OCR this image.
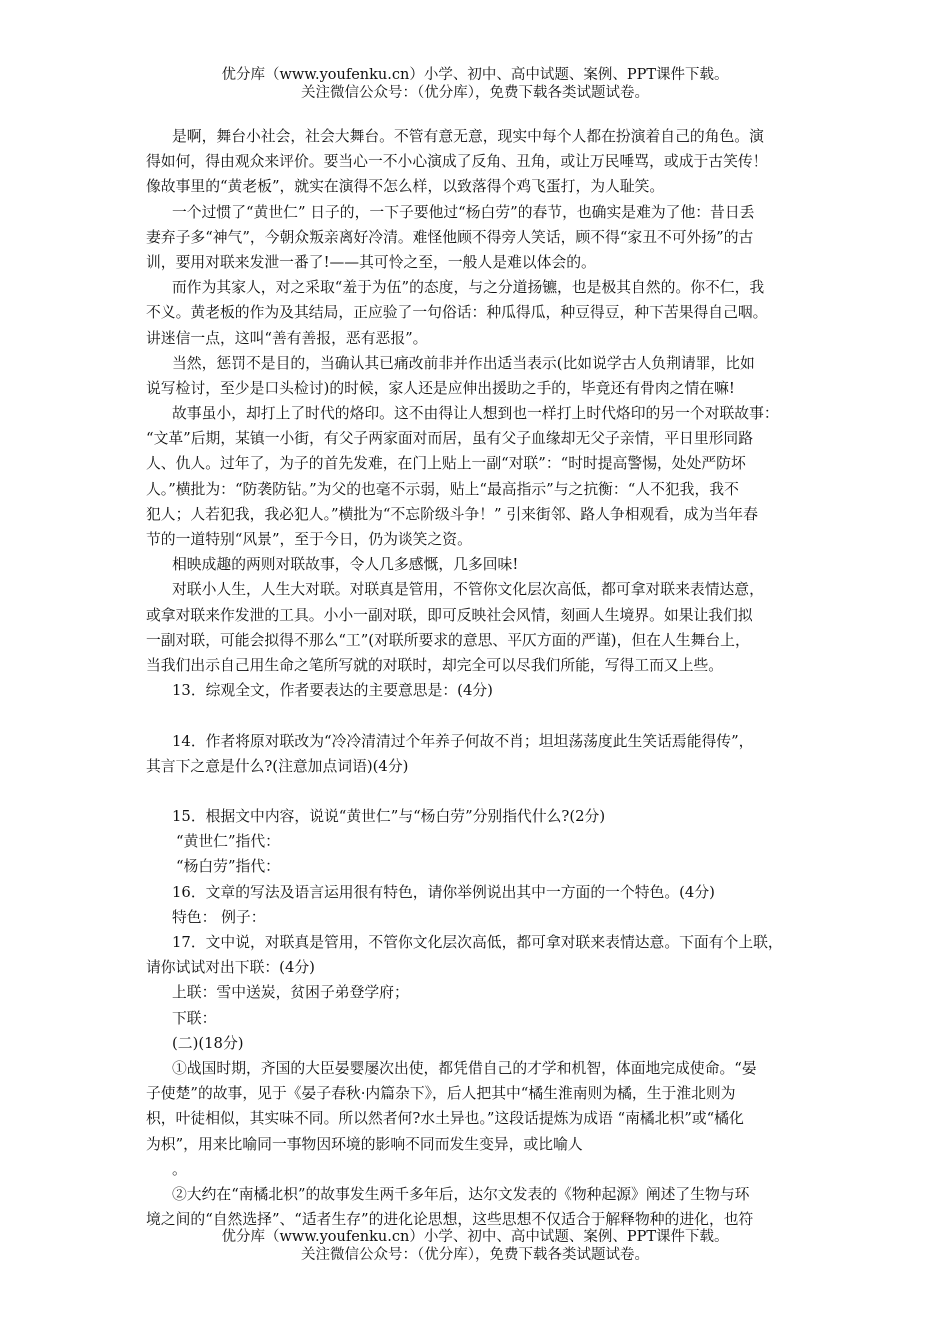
优分库（www.youfenku.cn）小学、初中、高中试题、案例、PPT课件下载。
关注微信公众号：（优分库），免费下载各类试题试卷。
是啊，舞台小社会，社会大舞台。不管有意无意，现实中每个人都在扮演着自己的角色。演
得如何，得由观众来评价。要当心一不小心演成了反角、丑角，或让万民唾骂，或成于古笑传！
像故事里的“黄老板”，就实在演得不怎么样，以致落得个鸡飞蛋打，为人耻笑。
一个过惯了“黄世仁” 日子的，一下子要他过“杨白劳”的春节，也确实是难为了他：昔日丢
妻弃子多“神气”，今朝众叛亲离好冷清。难怪他顾不得旁人笑话，顾不得“家丑不可外扬”的古
训，要用对联来发泄一番了!——其可怜之至，一般人是难以体会的。
而作为其家人，对之采取“羞于为伍”的态度，与之分道扬镳，也是极其自然的。你不仁，我
不义。黄老板的作为及其结局，正应验了一句俗话：种瓜得瓜，种豆得豆，种下苦果得自己咽。
讲迷信一点，这叫“善有善报，恶有恶报”。
当然，惩罚不是目的，当确认其已痛改前非并作出适当表示(比如说学古人负荆请罪，比如
说写检讨，至少是口头检讨)的时候，家人还是应伸出援助之手的，毕竟还有骨肉之情在嘛!
故事虽小，却打上了时代的烙印。这不由得让人想到也一样打上时代烙印的另一个对联故事：
“文革”后期，某镇一小街，有父子两家面对而居，虽有父子血缘却无父子亲情，平日里形同路
人、仇人。过年了，为子的首先发难，在门上贴上一副“对联”：“时时提高警惕，处处严防坏
人。”横批为：“防袭防钻。”为父的也毫不示弱，贴上“最高指示”与之抗衡：“人不犯我，我不
犯人；人若犯我，我必犯人。”横批为“不忘阶级斗争！” 引来街邻、路人争相观看，成为当年春
节的一道特别“风景”，至于今日，仍为谈笑之资。
相映成趣的两则对联故事，令人几多感慨，几多回味!
对联小人生，人生大对联。对联真是管用，不管你文化层次高低，都可拿对联来表情达意，
或拿对联来作发泄的工具。小小一副对联，即可反映社会风情，刻画人生境界。如果让我们拟
一副对联，可能会拟得不那么“工”(对联所要求的意思、平仄方面的严谨)，但在人生舞台上，
当我们出示自己用生命之笔所写就的对联时，却完全可以尽我们所能，写得工而又上些。
13．综观全文，作者要表达的主要意思是：(4分)
14．作者将原对联改为“冷冷清清过个年养子何故不肖；坦坦荡荡度此生笑话焉能得传”，
其言下之意是什么?(注意加点词语)(4分)
15．根据文中内容，说说“黄世仁”与“杨白劳”分别指代什么?(2分)
“黄世仁”指代：
“杨白劳”指代：
16．文章的写法及语言运用很有特色，请你举例说出其中一方面的一个特色。(4分)
特色： 例子：
17．文中说，对联真是管用，不管你文化层次高低，都可拿对联来表情达意。下面有个上联，
请你试试对出下联：(4分)
上联：雪中送炭，贫困子弟登学府；
下联：
(二)(18分)
①战国时期，齐国的大臣晏婴屡次出使，都凭借自己的才学和机智，体面地完成使命。“晏
子使楚”的故事，见于《晏子春秋·内篇杂下》，后人把其中“橘生淮南则为橘，生于淮北则为
枳，叶徒相似，其实味不同。所以然者何?水土异也。”这段话提炼为成语 “南橘北枳”或“橘化
为枳”，用来比喻同一事物因环境的影响不同而发生变异，或比喻人
。
②大约在“南橘北枳”的故事发生两千多年后，达尔文发表的《物种起源》阐述了生物与环
境之间的“自然选择”、“适者生存”的进化论思想，这些思想不仅适合于解释物种的进化，也符
优分库（www.youfenku.cn）小学、初中、高中试题、案例、PPT课件下载。
关注微信公众号：（优分库），免费下载各类试题试卷。
